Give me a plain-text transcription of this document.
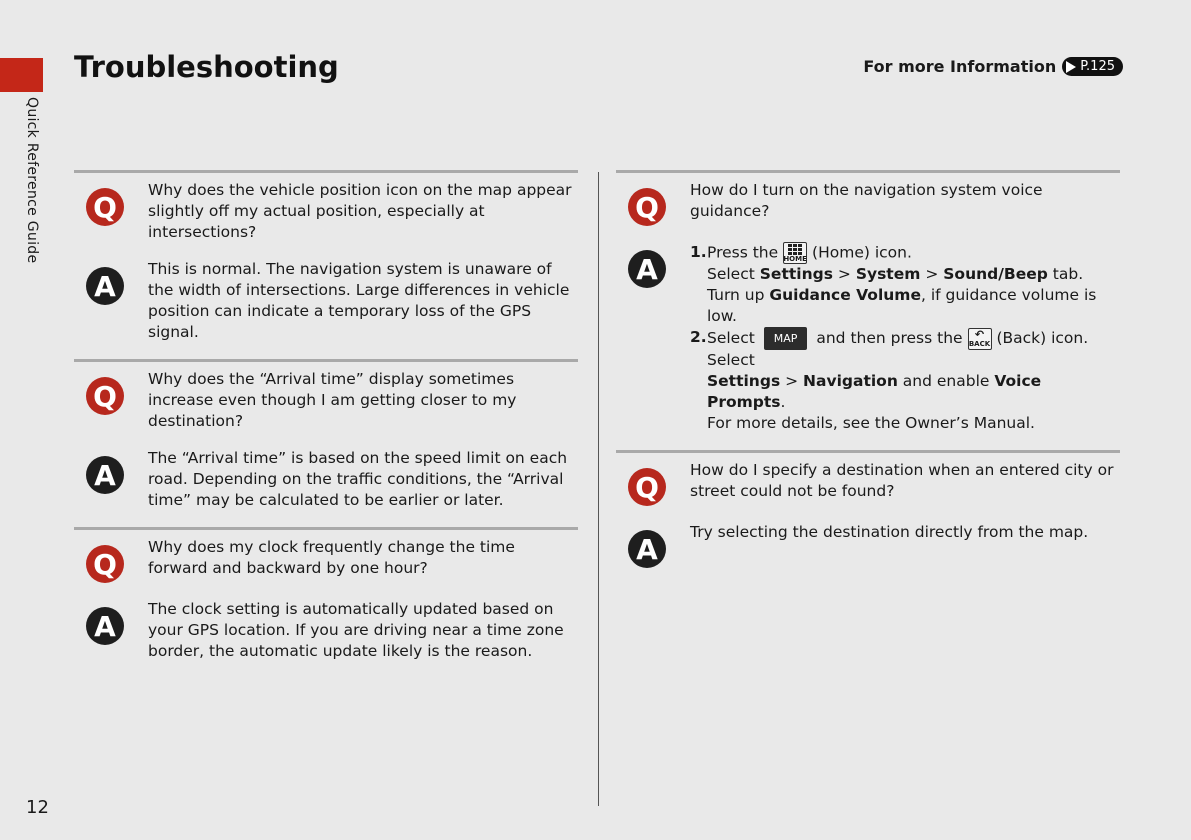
Quick Reference Guide
Troubleshooting	For more Information P.125
Q

Why does the vehicle position icon on the map appear slightly off my actual position, especially at intersections?

A

This is normal. The navigation system is unaware of the width of intersections. Large differences in vehicle position can indicate a temporary loss of the GPS signal.

Q

Why does the “Arrival time” display sometimes increase even though I am getting closer to my destination?

A

The “Arrival time” is based on the speed limit on each road. Depending on the traffic conditions, the “Arrival time” may be calculated to be earlier or later.

Q

Why does my clock frequently change the time forward and backward by one hour?

A

The clock setting is automatically updated based on your GPS location. If you are driving near a time zone border, the automatic update likely is the reason.

Q

How do I turn on the navigation system voice guidance?

A
1. Press the HOME (Home) icon.
Select Settings > System > Sound/Beep tab.
Turn up Guidance Volume, if guidance volume is low.
2. Select MAP and then press the ↶
BACK (Back) icon. Select
Settings > Navigation and enable Voice Prompts.
For more details, see the Owner’s Manual.
Q

How do I specify a destination when an entered city or street could not be found?

A

Try selecting the destination directly from the map.

12
